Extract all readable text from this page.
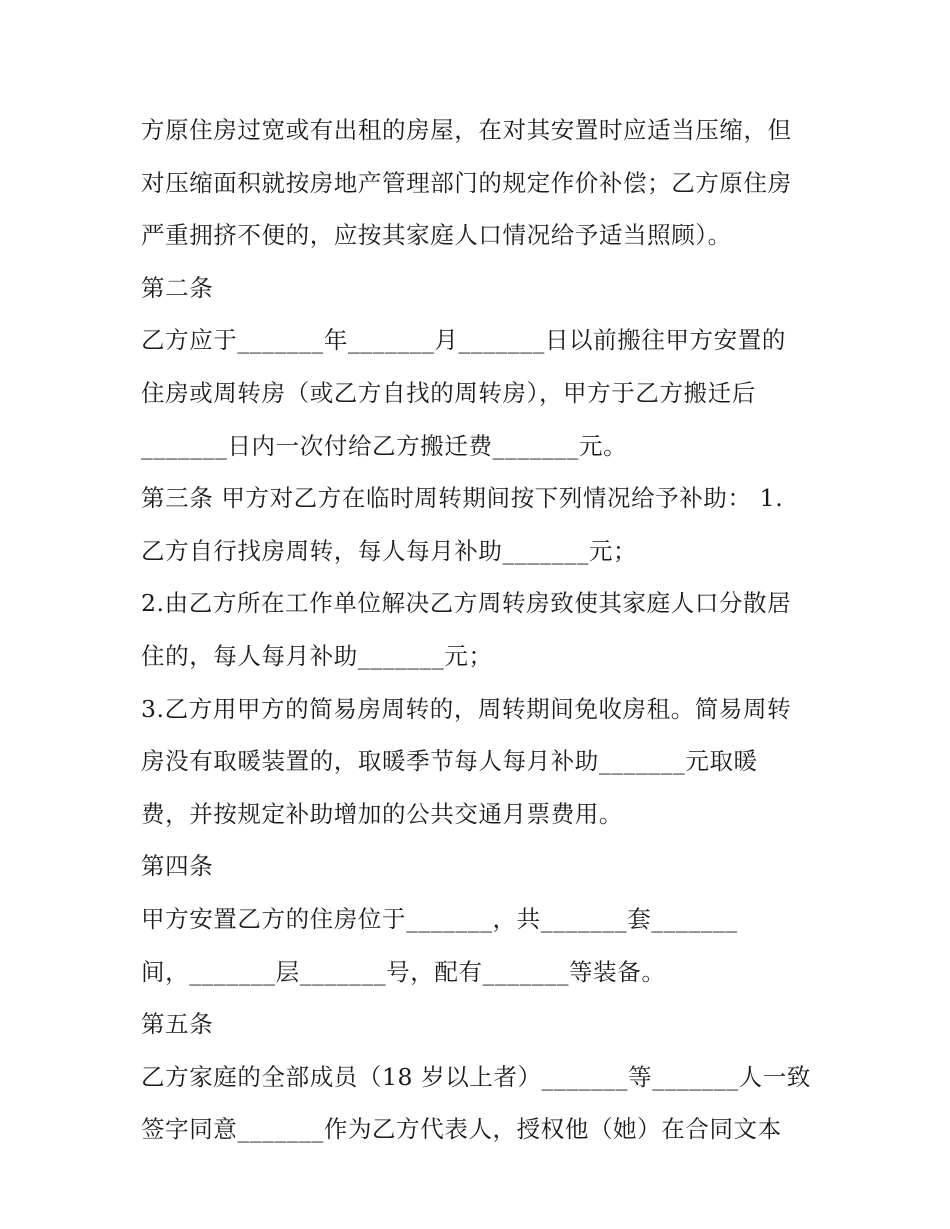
方原住房过宽或有出租的房屋，在对其安置时应适当压缩，但
对压缩面积就按房地产管理部门的规定作价补偿；乙方原住房
严重拥挤不便的，应按其家庭人口情况给予适当照顾）。
第二条
乙方应于_______年_______月_______日以前搬往甲方安置的
住房或周转房（或乙方自找的周转房），甲方于乙方搬迁后
_______日内一次付给乙方搬迁费_______元。
第三条 甲方对乙方在临时周转期间按下列情况给予补助： 1.
乙方自行找房周转，每人每月补助_______元；
2.由乙方所在工作单位解决乙方周转房致使其家庭人口分散居
住的，每人每月补助_______元；
3.乙方用甲方的简易房周转的，周转期间免收房租。简易周转
房没有取暖装置的，取暖季节每人每月补助_______元取暖
费，并按规定补助增加的公共交通月票费用。
第四条
甲方安置乙方的住房位于_______，共_______套_______
间，_______层_______号，配有_______等装备。
第五条
乙方家庭的全部成员（18 岁以上者）_______等_______人一致
签字同意_______作为乙方代表人，授权他（她）在合同文本
